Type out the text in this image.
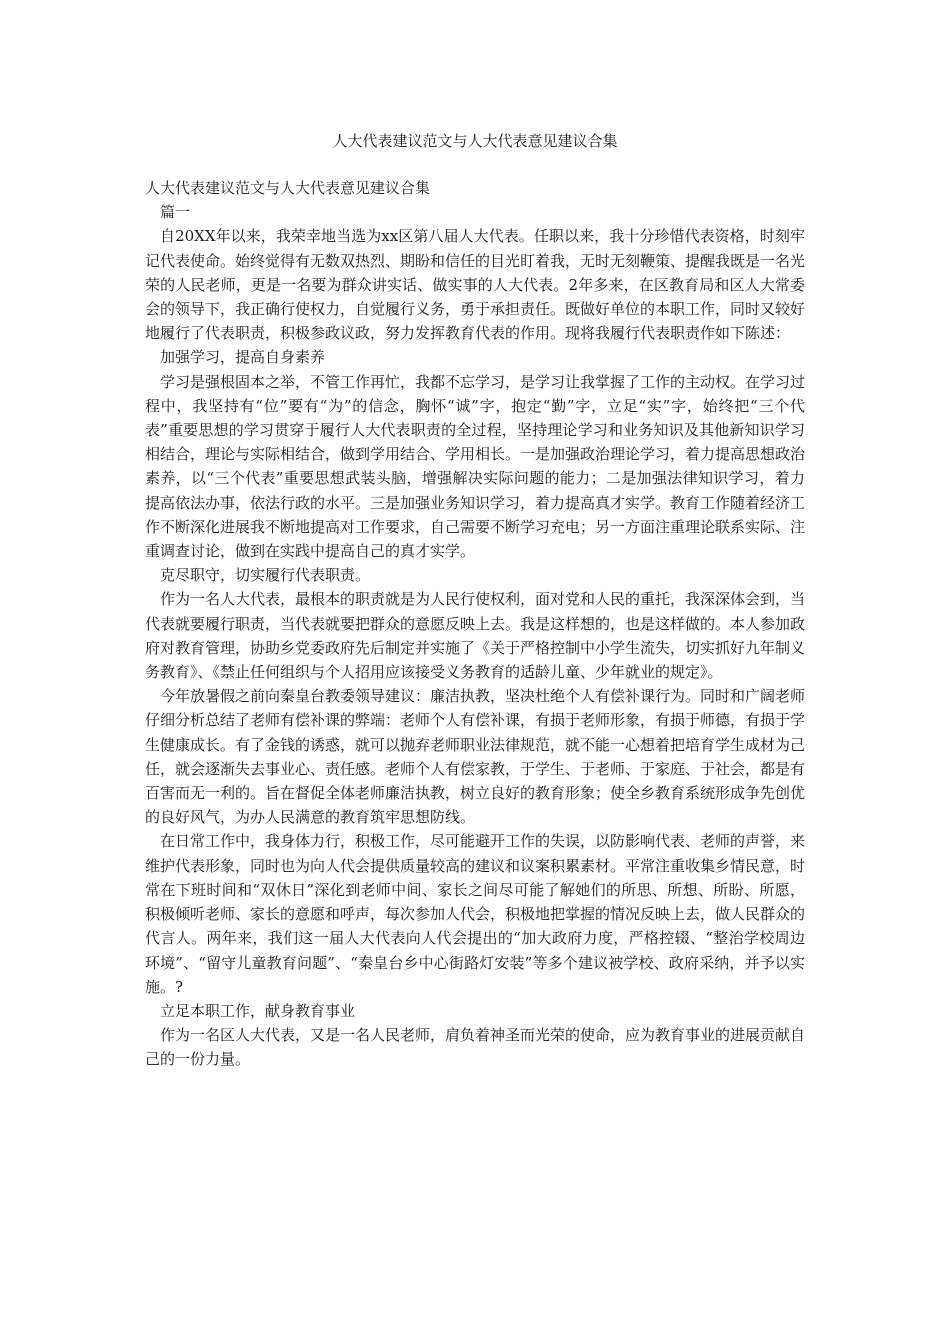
人大代表建议范文与人大代表意见建议合集

人大代表建议范文与人大代表意见建议合集

篇一

自20XX年以来，我荣幸地当选为xx区第八届人大代表。任职以来，我十分珍惜代表资格，时刻牢记代表使命。始终觉得有无数双热烈、期盼和信任的目光盯着我，无时无刻鞭策、提醒我既是一名光荣的人民老师，更是一名要为群众讲实话、做实事的人大代表。2年多来，在区教育局和区人大常委会的领导下，我正确行使权力，自觉履行义务，勇于承担责任。既做好单位的本职工作，同时又较好地履行了代表职责，积极参政议政，努力发挥教育代表的作用。现将我履行代表职责作如下陈述：

加强学习，提高自身素养

学习是强根固本之举，不管工作再忙，我都不忘学习，是学习让我掌握了工作的主动权。在学习过程中，我坚持有“位”要有“为”的信念，胸怀“诚”字，抱定“勤”字，立足“实”字，始终把“三个代表”重要思想的学习贯穿于履行人大代表职责的全过程，坚持理论学习和业务知识及其他新知识学习相结合，理论与实际相结合，做到学用结合、学用相长。一是加强政治理论学习，着力提高思想政治素养，以“三个代表”重要思想武装头脑，增强解决实际问题的能力；二是加强法律知识学习，着力提高依法办事，依法行政的水平。三是加强业务知识学习，着力提高真才实学。教育工作随着经济工作不断深化进展我不断地提高对工作要求，自己需要不断学习充电；另一方面注重理论联系实际、注重调查讨论，做到在实践中提高自己的真才实学。

克尽职守，切实履行代表职责。

作为一名人大代表，最根本的职责就是为人民行使权利，面对党和人民的重托，我深深体会到，当代表就要履行职责，当代表就要把群众的意愿反映上去。我是这样想的，也是这样做的。本人参加政府对教育管理，协助乡党委政府先后制定并实施了《关于严格控制中小学生流失，切实抓好九年制义务教育》、《禁止任何组织与个人招用应该接受义务教育的适龄儿童、少年就业的规定》。

今年放暑假之前向秦皇台教委领导建议：廉洁执教，坚决杜绝个人有偿补课行为。同时和广阔老师仔细分析总结了老师有偿补课的弊端：老师个人有偿补课，有损于老师形象，有损于师德，有损于学生健康成长。有了金钱的诱惑，就可以抛弃老师职业法律规范，就不能一心想着把培育学生成材为己任，就会逐渐失去事业心、责任感。老师个人有偿家教，于学生、于老师、于家庭、于社会，都是有百害而无一利的。旨在督促全体老师廉洁执教，树立良好的教育形象；使全乡教育系统形成争先创优的良好风气，为办人民满意的教育筑牢思想防线。

在日常工作中，我身体力行，积极工作，尽可能避开工作的失误，以防影响代表、老师的声誉，来维护代表形象，同时也为向人代会提供质量较高的建议和议案积累素材。平常注重收集乡情民意，时常在下班时间和“双休日”深化到老师中间、家长之间尽可能了解她们的所思、所想、所盼、所愿，积极倾听老师、家长的意愿和呼声，每次参加人代会，积极地把掌握的情况反映上去，做人民群众的代言人。两年来，我们这一届人大代表向人代会提出的“加大政府力度，严格控辍、“整治学校周边环境”、“留守儿童教育问题”、“秦皇台乡中心街路灯安装”等多个建议被学校、政府采纳，并予以实施。?

立足本职工作，献身教育事业

作为一名区人大代表，又是一名人民老师，肩负着神圣而光荣的使命，应为教育事业的进展贡献自己的一份力量。
